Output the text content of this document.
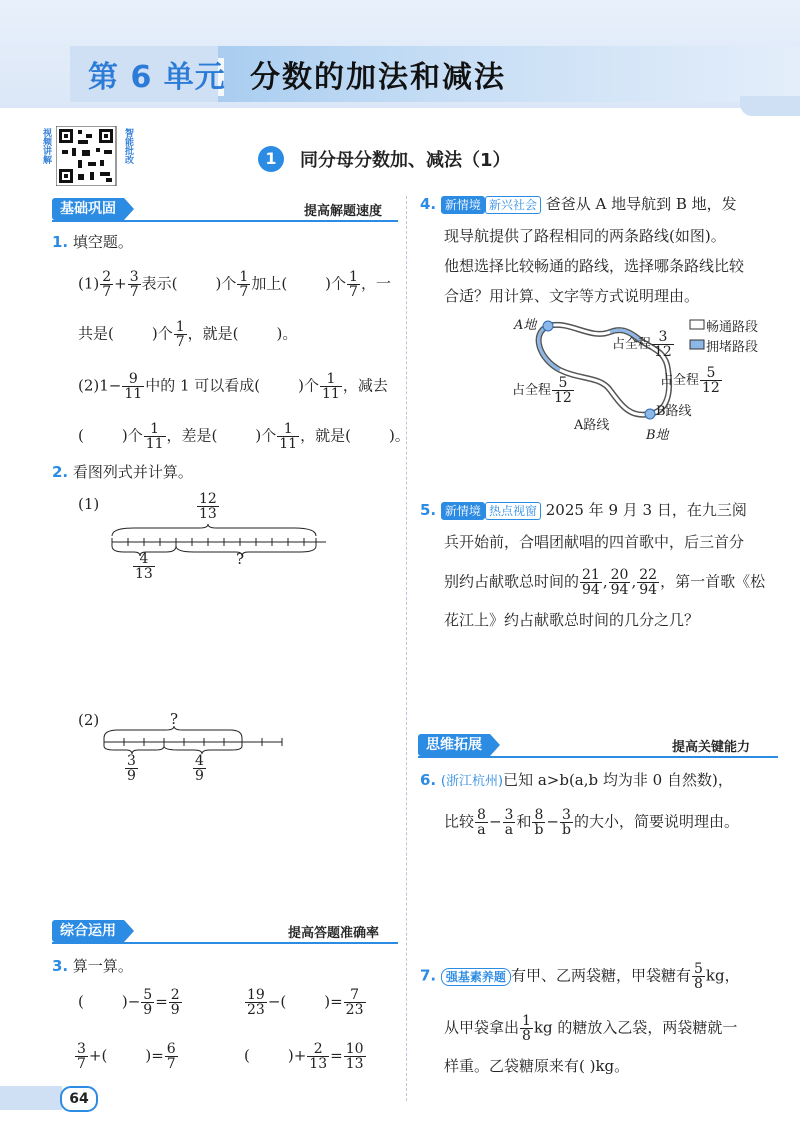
第 6 单元 分数的加法和减法
视频讲解	智能批改	1	同分母分数加、减法（1）
基础巩固	提高解题速度
1. 填空题。
$(1) \frac{2}{7} + \frac{3}{7}$ 表示(	)个 $\frac{1}{7}$ 加上(	)个 $\frac{1}{7}$ ，一
共是(	)个 $\frac{1}{7}$ ，就是(	)。
$(2)1- \frac{9}{11}$ 中的 1 可以看成(	)个 $\frac{1}{11}$ ，减去
(	)个 $\frac{1}{11}$ ，差是(	)个 $\frac{1}{11}$ ，就是(	)。
2. 看图列式并计算。
(1)	$\frac{12}{13}$
$\frac{4}{13}$	?
(2)	?
$\frac{3}{9}$	$\frac{4}{9}$
综合运用	提高答题准确率
3. 算一算。
(	)− $\frac{5}{9} = \frac{2}{9}$	$\frac{19}{23}$ −(	)= $\frac{7}{23}$
$\frac{3}{7}$ +(	)= $\frac{6}{7}$	(	)+ $\frac{2}{13} = \frac{10}{13}$
4. 新情境 新兴社会 爸爸从 A 地导航到 B 地，发
现导航提供了路程相同的两条路线(如图)。
他想选择比较畅通的路线，选择哪条路线比较
合适？用计算、文字等方式说明理由。
A地
B地
A路线
B路线
畅通路段
拥堵路段
占全程 $\frac{3}{12}$
占全程 $\frac{5}{12}$
占全程 $\frac{5}{12}$
5. 新情境 热点视窗 2025 年 9 月 3 日，在九三阅
兵开始前，合唱团献唱的四首歌中，后三首分
别约占献歌总时间的 $\frac{21}{94}$ , $\frac{20}{94}$ , $\frac{22}{94}$ ，第一首歌《松
花江上》约占献歌总时间的几分之几？
思维拓展	提高关键能力
6. (浙江杭州)已知 a>b(a,b 均为非 0 自然数)，
比较 $\frac{8}{a} - \frac{3}{a}$ 和 $\frac{8}{b} - \frac{3}{b}$ 的大小，简要说明理由。
7. 强基素养题 有甲、乙两袋糖，甲袋糖有 $\frac{5}{8}$ kg，
从甲袋拿出 $\frac{1}{8}$ kg 的糖放入乙袋，两袋糖就一
样重。乙袋糖原来有( )kg。
64
